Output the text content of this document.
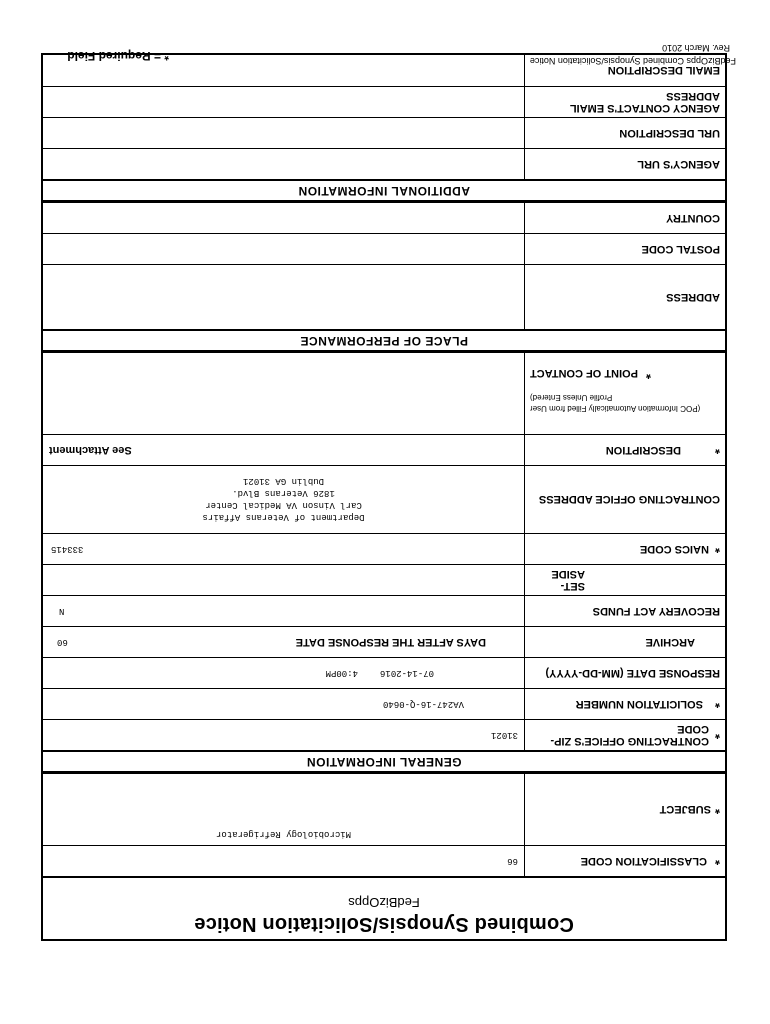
Combined Synopsis/Solicitation Notice
FedBizOpps
*
CLASSIFICATION CODE
66
*
SUBJECT
Microbiology Refrigerator
GENERAL INFORMATION
*
CONTRACTING OFFICE'S ZIP-CODE
31021
*
SOLICITATION NUMBER
VA247-16-Q-0640
RESPONSE DATE (MM-DD-YYYY)
07-14-2016
4:00PM
ARCHIVE
DAYS AFTER THE RESPONSE DATE
60
RECOVERY ACT FUNDS
N
SET-ASIDE
*
NAICS CODE
333415
CONTRACTING OFFICE ADDRESS
Department of Veterans Affairs
Carl Vinson VA Medical Center
1826 Veterans Blvd.
Dublin GA 31021
*
DESCRIPTION
See Attachment
(POC Information Automatically Filled from User Profile Unless Entered)
*POINT OF CONTACT
PLACE OF PERFORMANCE
ADDRESS
POSTAL CODE
COUNTRY
ADDITIONAL INFORMATION
AGENCY'S URL
URL DESCRIPTION
AGENCY CONTACT'S EMAIL ADDRESS
EMAIL DESCRIPTION
FedBizOpps Combined Synopsis/Solicitation Notice
Rev. March 2010
* = Required Field
